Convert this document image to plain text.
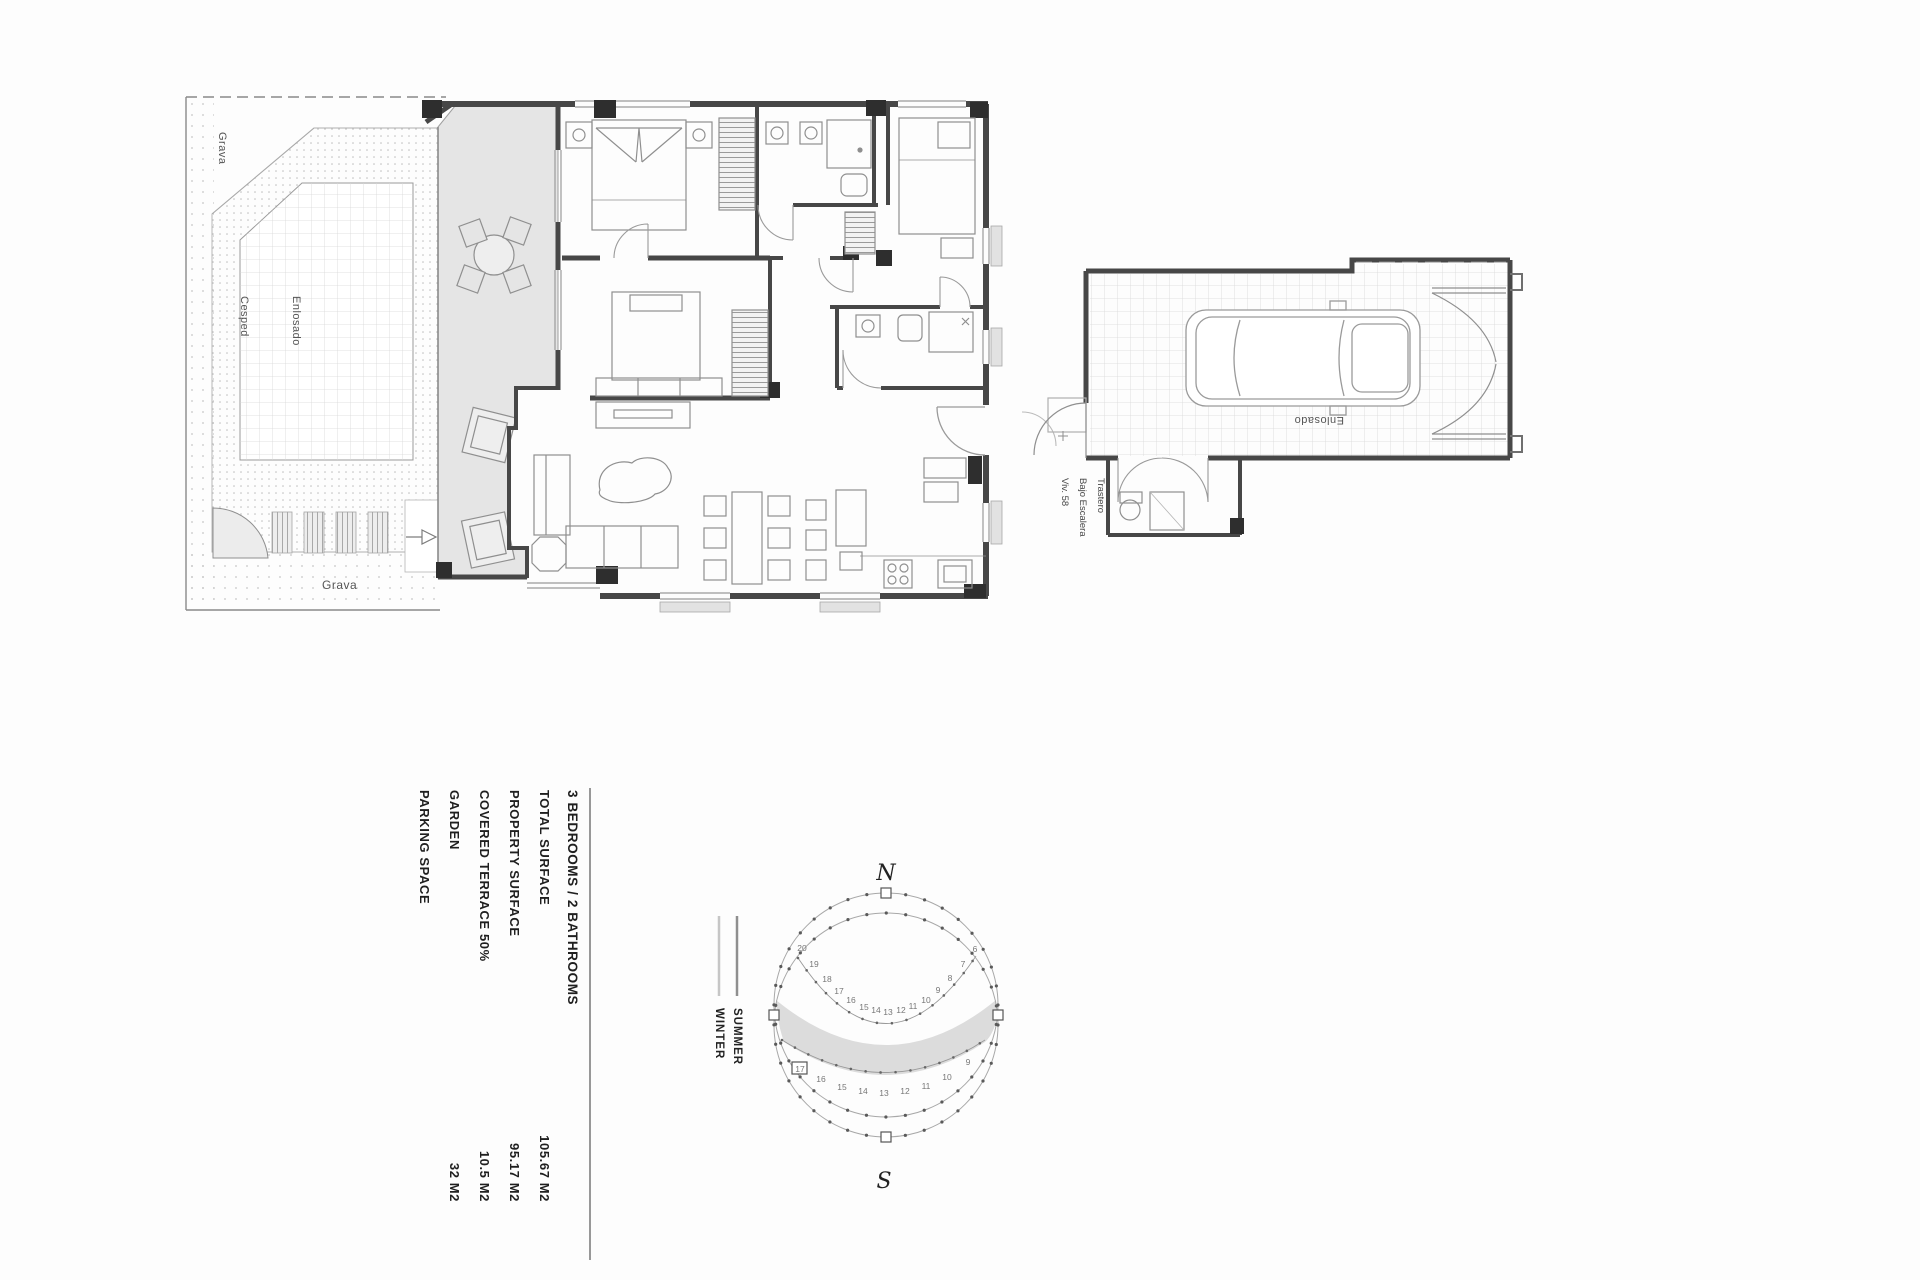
Grava
Cesped	Enlosado
Grava
Enlosado
Trastero
Bajo Escalera
Viv. 58
3 BEDROOMS / 2 BATHROOMS
TOTAL SURFACE
105.67 M2
PROPERTY SURFACE
95.17 M2
COVERED TERRACE 50%
10.5 M2
GARDEN
32 M2
PARKING SPACE
SUMMER
WINTER
N
S
20
19
18
17
16
15 14 13 12 11
10
9
8
7
6
17
16
15 14 13 12 11
10
9
